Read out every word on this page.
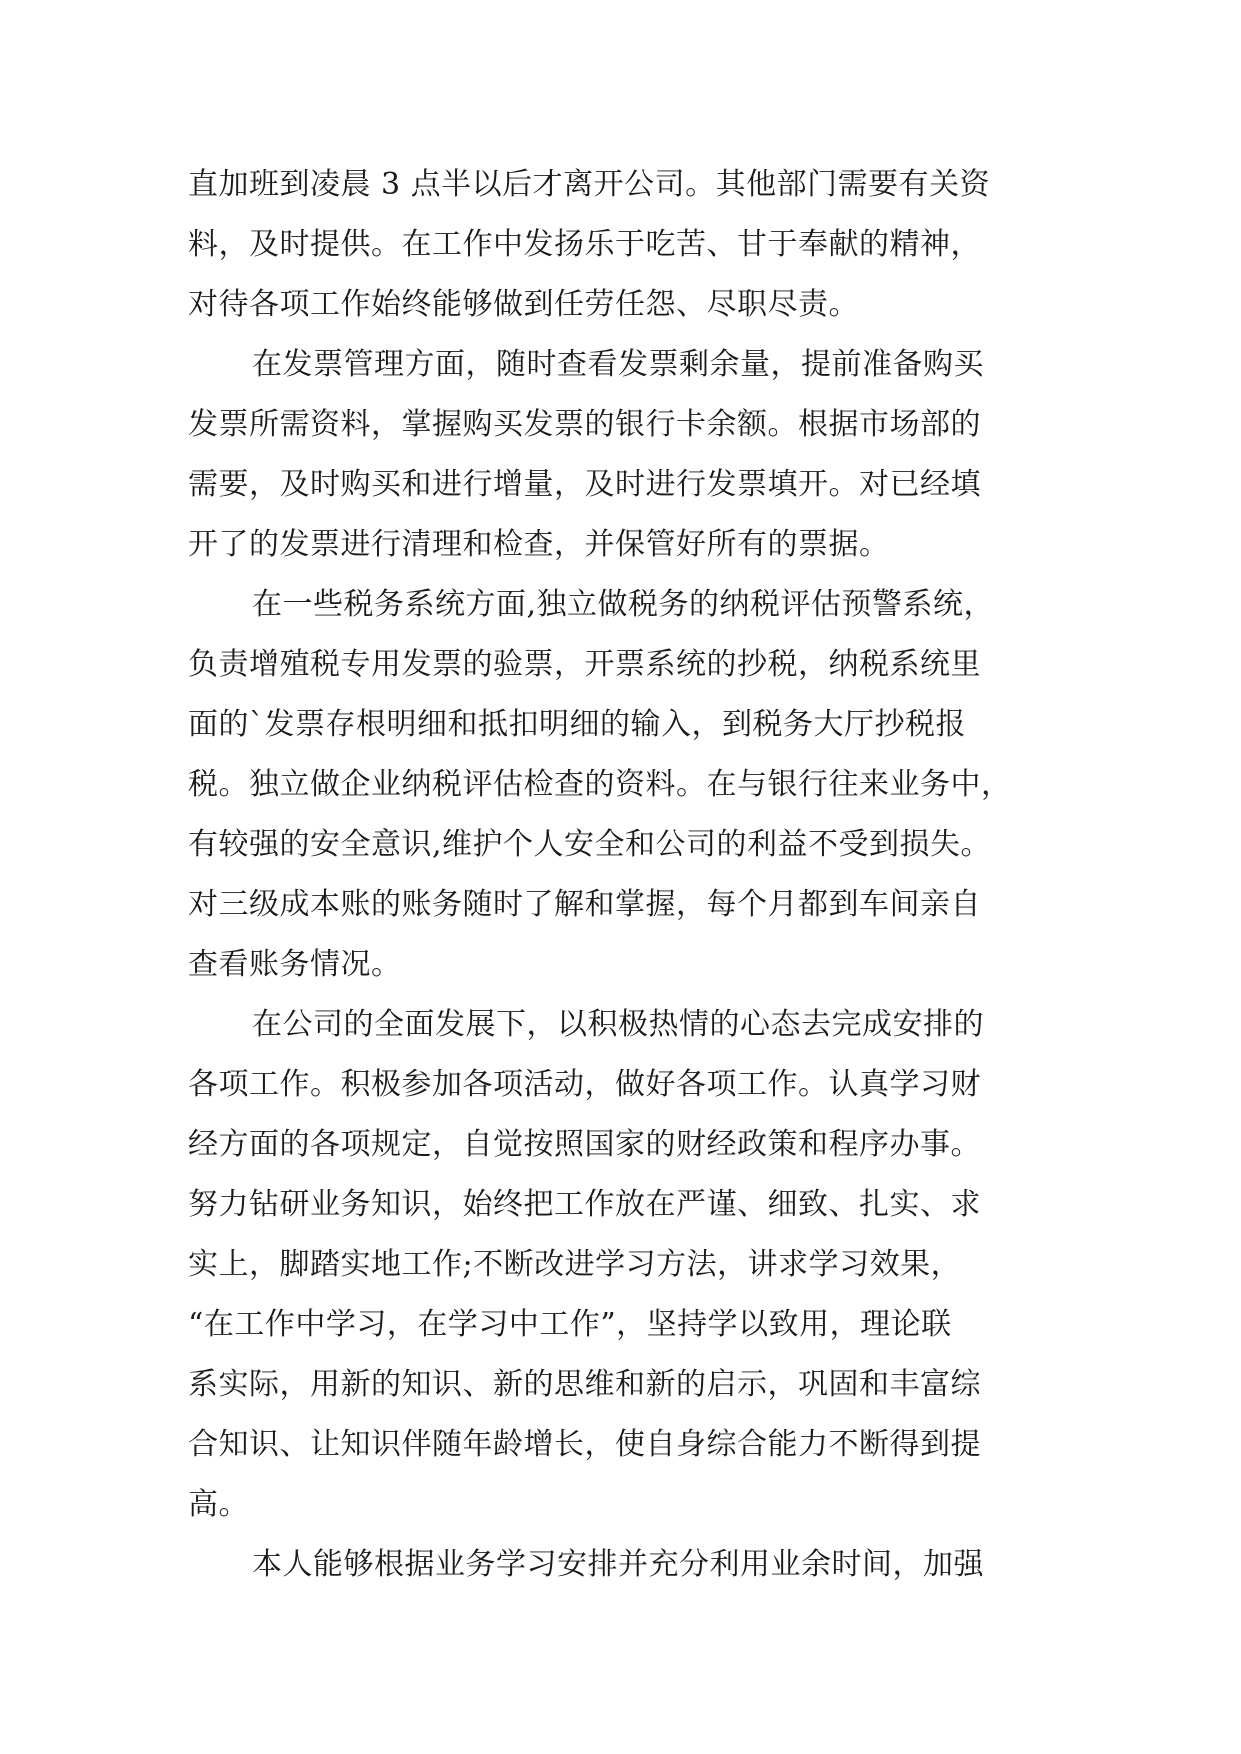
直加班到凌晨 3 点半以后才离开公司。其他部门需要有关资
料，及时提供。在工作中发扬乐于吃苦、甘于奉献的精神，
对待各项工作始终能够做到任劳任怨、尽职尽责。
在发票管理方面，随时查看发票剩余量，提前准备购买
发票所需资料，掌握购买发票的银行卡余额。根据市场部的
需要，及时购买和进行增量，及时进行发票填开。对已经填
开了的发票进行清理和检查，并保管好所有的票据。
在一些税务系统方面,独立做税务的纳税评估预警系统，
负责增殖税专用发票的验票，开票系统的抄税，纳税系统里
面的`发票存根明细和抵扣明细的输入，到税务大厅抄税报
税。独立做企业纳税评估检查的资料。在与银行往来业务中，
有较强的安全意识,维护个人安全和公司的利益不受到损失。
对三级成本账的账务随时了解和掌握，每个月都到车间亲自
查看账务情况。
在公司的全面发展下，以积极热情的心态去完成安排的
各项工作。积极参加各项活动，做好各项工作。认真学习财
经方面的各项规定，自觉按照国家的财经政策和程序办事。
努力钻研业务知识，始终把工作放在严谨、细致、扎实、求
实上，脚踏实地工作;不断改进学习方法，讲求学习效果，
“在工作中学习，在学习中工作”，坚持学以致用，理论联
系实际，用新的知识、新的思维和新的启示，巩固和丰富综
合知识、让知识伴随年龄增长，使自身综合能力不断得到提
高。
本人能够根据业务学习安排并充分利用业余时间，加强
